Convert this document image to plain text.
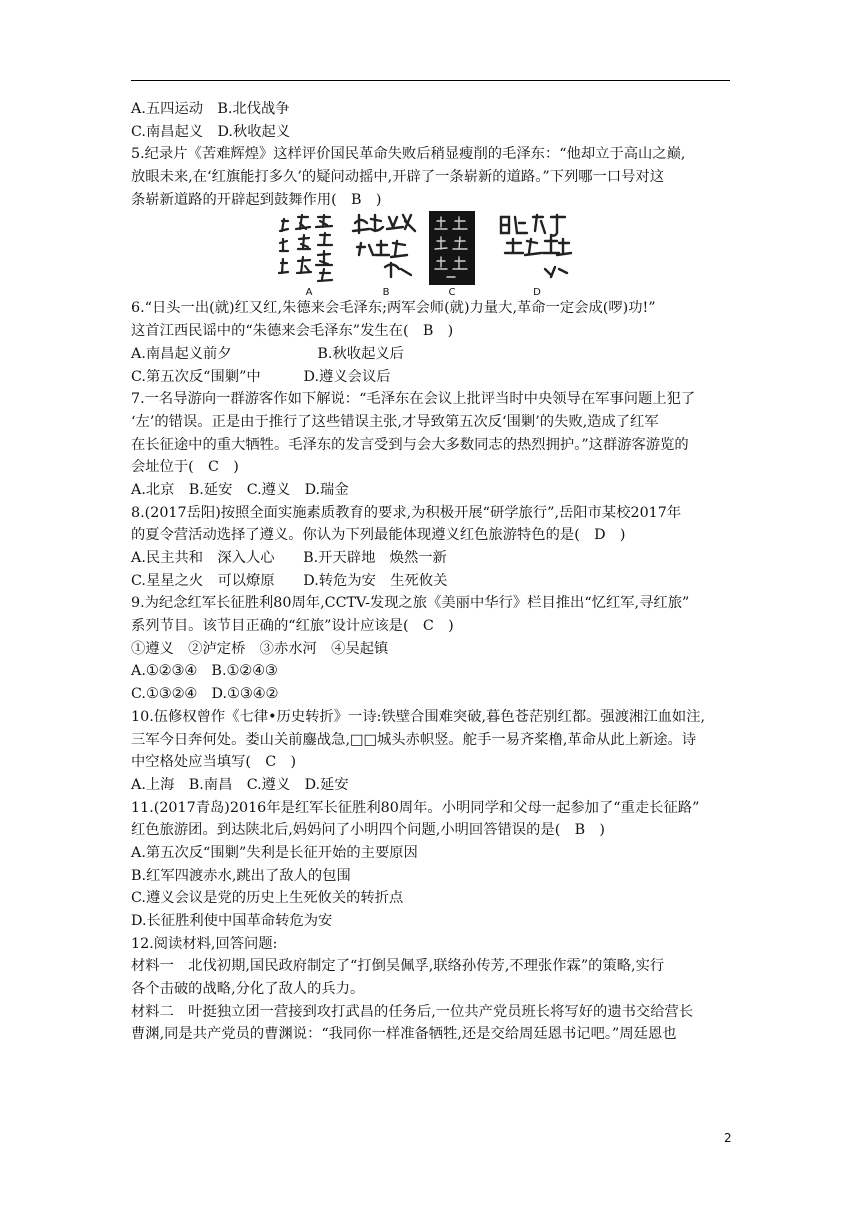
A.五四运动　B.北伐战争
C.南昌起义　D.秋收起义
5.纪录片《苦难辉煌》这样评价国民革命失败后稍显瘦削的毛泽东：“他却立于高山之巅,
放眼未来,在‘红旗能打多久’的疑问动摇中,开辟了一条崭新的道路。”下列哪一口号对这
条崭新道路的开辟起到鼓舞作用(　B　)
A	B	C	D
6.“日头一出(就)红又红,朱德来会毛泽东;两军会师(就)力量大,革命一定会成(啰)功!”
这首江西民谣中的“朱德来会毛泽东”发生在(　B　)
A.南昌起义前夕　　　　　　B.秋收起义后
C.第五次反“围剿”中　　　D.遵义会议后
7.一名导游向一群游客作如下解说：“毛泽东在会议上批评当时中央领导在军事问题上犯了
‘左’的错误。正是由于推行了这些错误主张,才导致第五次反‘围剿’的失败,造成了红军
在长征途中的重大牺牲。毛泽东的发言受到与会大多数同志的热烈拥护。”这群游客游览的
会址位于(　C　)
A.北京　B.延安　C.遵义　D.瑞金
8.(2017岳阳)按照全面实施素质教育的要求,为积极开展“研学旅行”,岳阳市某校2017年
的夏令营活动选择了遵义。你认为下列最能体现遵义红色旅游特色的是(　D　)
A.民主共和　深入人心　　B.开天辟地　焕然一新
C.星星之火　可以燎原　　D.转危为安　生死攸关
9.为纪念红军长征胜利80周年,CCTV-发现之旅《美丽中华行》栏目推出“忆红军,寻红旅”
系列节目。该节目正确的“红旅”设计应该是(　C　)
①遵义　②泸定桥　③赤水河　④吴起镇
A.①②③④　B.①②④③
C.①③②④　D.①③④②
10.伍修权曾作《七律•历史转折》一诗:铁壁合围难突破,暮色苍茫别红都。强渡湘江血如注,
三军今日奔何处。娄山关前鏖战急,□□城头赤帜竖。舵手一易齐桨橹,革命从此上新途。诗
中空格处应当填写(　C　)
A.上海　B.南昌　C.遵义　D.延安
11.(2017青岛)2016年是红军长征胜利80周年。小明同学和父母一起参加了“重走长征路”
红色旅游团。到达陕北后,妈妈问了小明四个问题,小明回答错误的是(　B　)
A.第五次反“围剿”失利是长征开始的主要原因
B.红军四渡赤水,跳出了敌人的包围
C.遵义会议是党的历史上生死攸关的转折点
D.长征胜利使中国革命转危为安
12.阅读材料,回答问题:
材料一　北伐初期,国民政府制定了“打倒吴佩孚,联络孙传芳,不理张作霖”的策略,实行
各个击破的战略,分化了敌人的兵力。
材料二　叶挺独立团一营接到攻打武昌的任务后,一位共产党员班长将写好的遗书交给营长
曹渊,同是共产党员的曹渊说：“我同你一样准备牺牲,还是交给周廷恩书记吧。”周廷恩也
2
